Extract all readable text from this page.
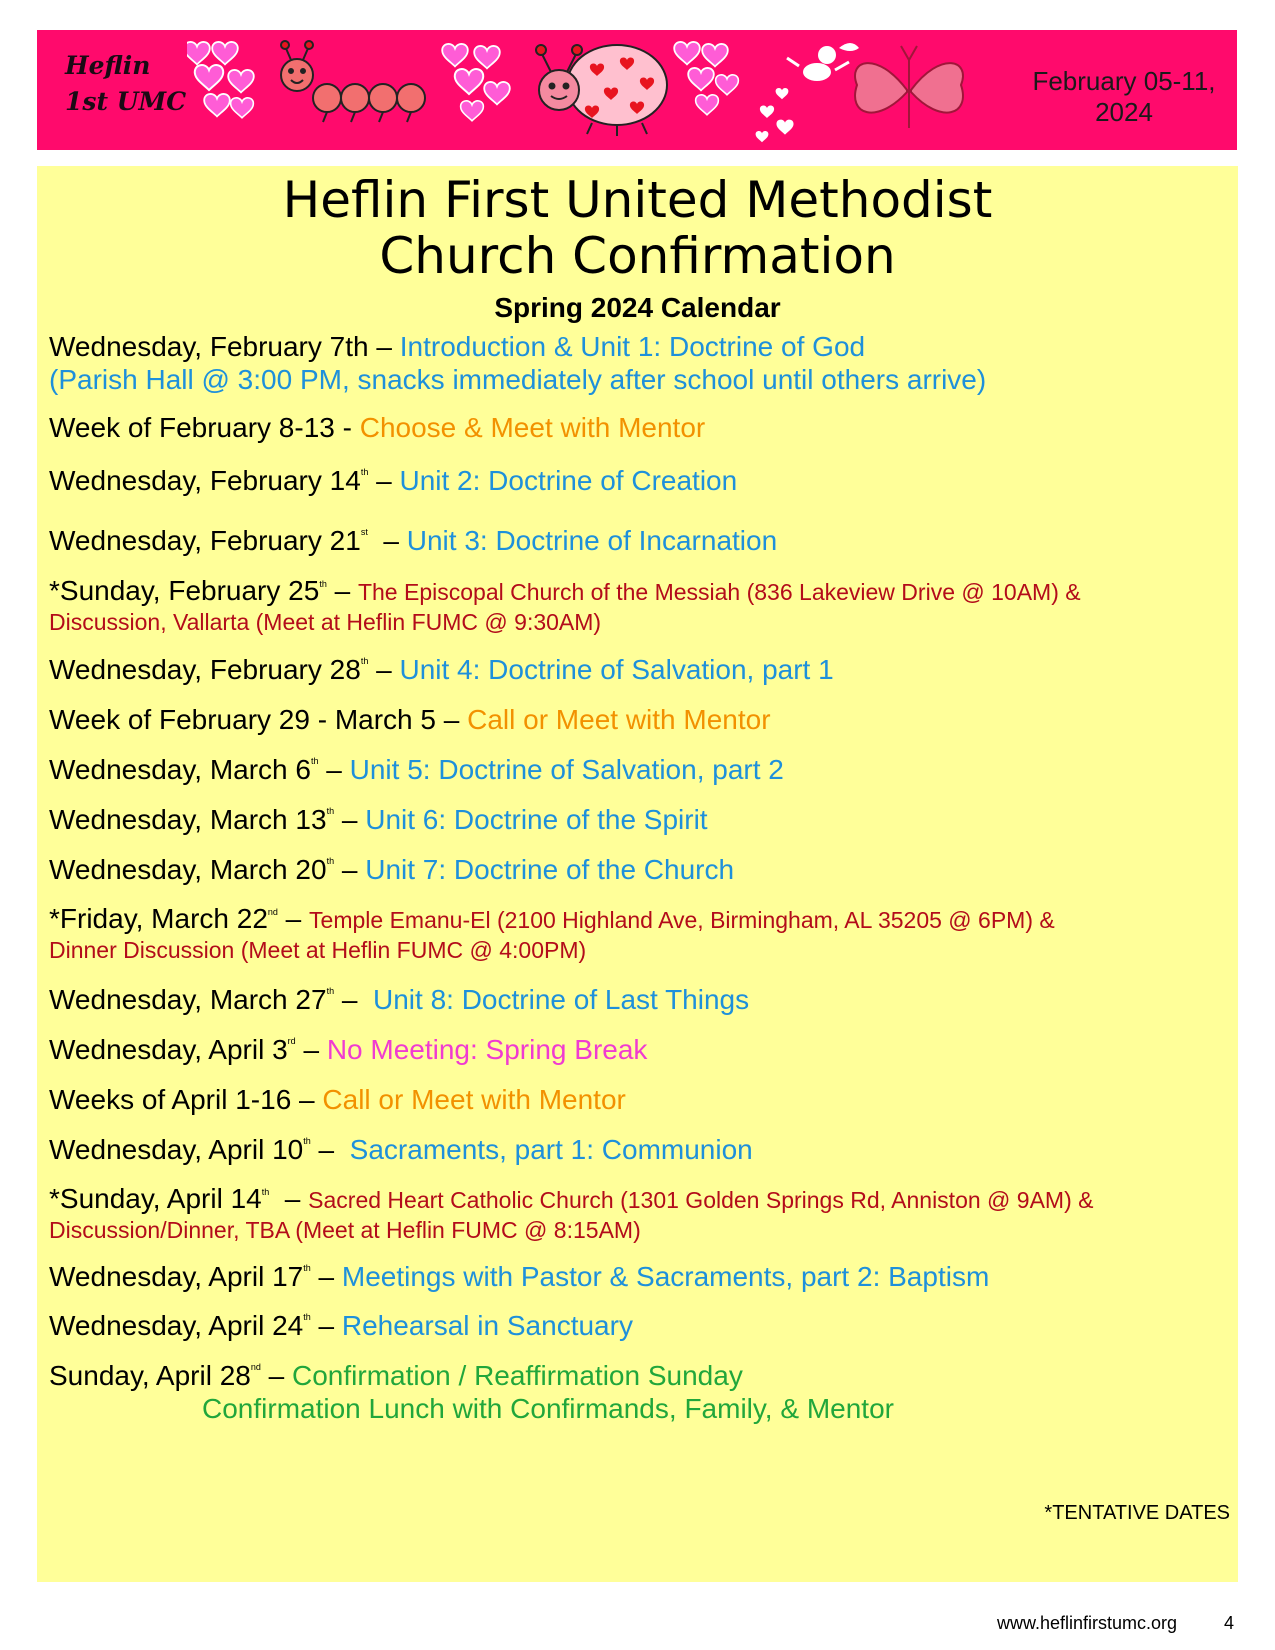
Heflin
1st UMC
February 05-11,
2024
Heflin First United Methodist
Church Confirmation
Spring 2024 Calendar
Wednesday, February 7th – Introduction & Unit 1: Doctrine of God
(Parish Hall @ 3:00 PM, snacks immediately after school until others arrive)
Week of February 8-13 - Choose & Meet with Mentor
Wednesday, February 14th – Unit 2: Doctrine of Creation
Wednesday, February 21st  – Unit 3: Doctrine of Incarnation
*Sunday, February 25th – The Episcopal Church of the Messiah (836 Lakeview Drive @ 10AM) &
Discussion, Vallarta (Meet at Heflin FUMC @ 9:30AM)
Wednesday, February 28th – Unit 4: Doctrine of Salvation, part 1
Week of February 29 - March 5 – Call or Meet with Mentor
Wednesday, March 6th – Unit 5: Doctrine of Salvation, part 2
Wednesday, March 13th – Unit 6: Doctrine of the Spirit
Wednesday, March 20th – Unit 7: Doctrine of the Church
*Friday, March 22nd – Temple Emanu-El (2100 Highland Ave, Birmingham, AL 35205 @ 6PM) &
Dinner Discussion (Meet at Heflin FUMC @ 4:00PM)
Wednesday, March 27th –  Unit 8: Doctrine of Last Things
Wednesday, April 3rd – No Meeting: Spring Break
Weeks of April 1-16 – Call or Meet with Mentor
Wednesday, April 10th –  Sacraments, part 1: Communion
*Sunday, April 14th  – Sacred Heart Catholic Church (1301 Golden Springs Rd, Anniston @ 9AM) &
Discussion/Dinner, TBA (Meet at Heflin FUMC @ 8:15AM)
Wednesday, April 17th – Meetings with Pastor & Sacraments, part 2: Baptism
Wednesday, April 24th – Rehearsal in Sanctuary
Sunday, April 28nd – Confirmation / Reaffirmation Sunday
Confirmation Lunch with Confirmands, Family, & Mentor
*TENTATIVE DATES
www.heflinfirstumc.org	4
